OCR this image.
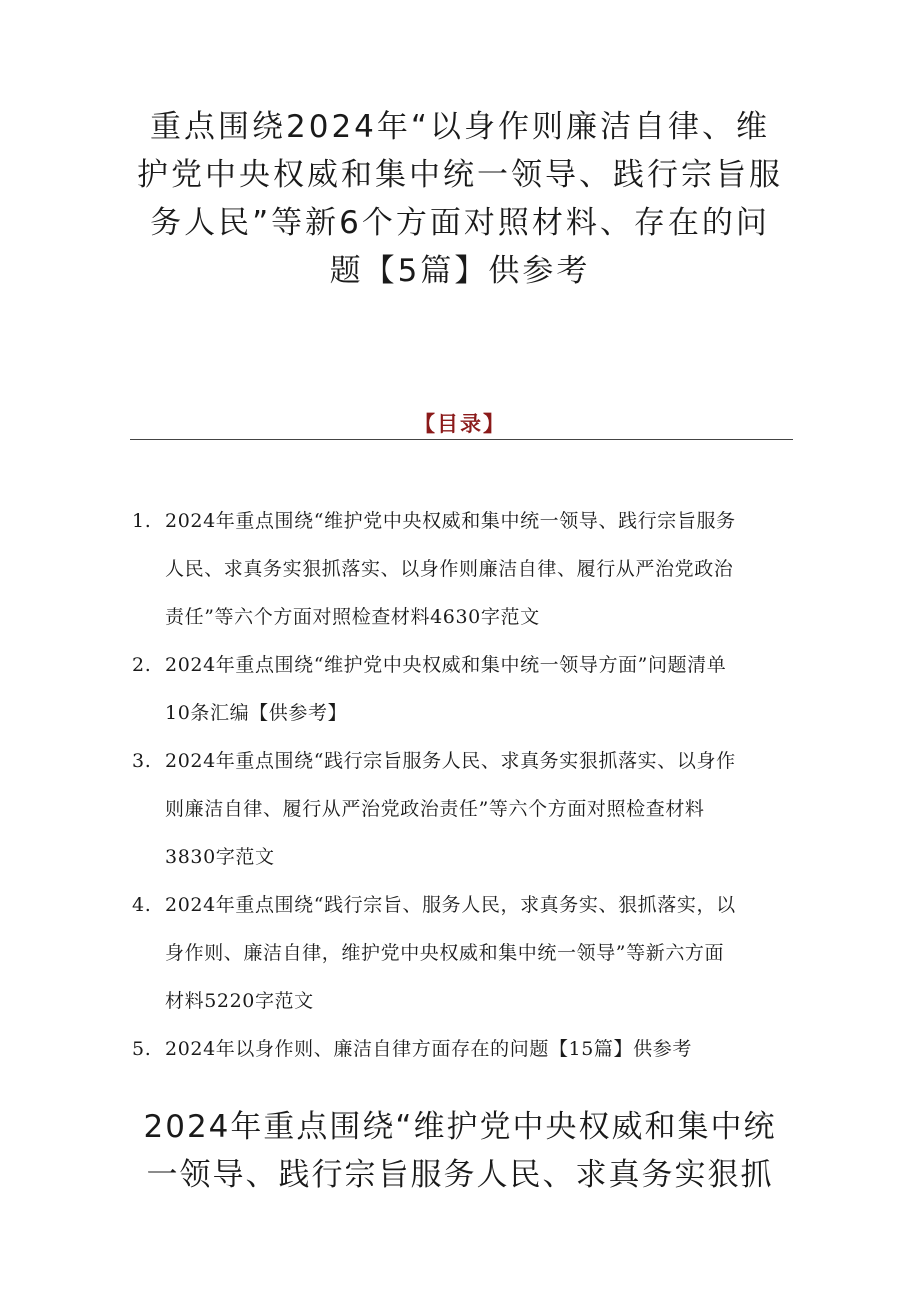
重点围绕2024年“以身作则廉洁自律、维
护党中央权威和集中统一领导、践行宗旨服
务人民”等新6个方面对照材料、存在的问
题【5篇】供参考
【目录】
1. 2024年重点围绕“维护党中央权威和集中统一领导、践行宗旨服务
人民、求真务实狠抓落实、以身作则廉洁自律、履行从严治党政治
责任”等六个方面对照检查材料4630字范文
2. 2024年重点围绕“维护党中央权威和集中统一领导方面”问题清单
10条汇编【供参考】
3. 2024年重点围绕“践行宗旨服务人民、求真务实狠抓落实、以身作
则廉洁自律、履行从严治党政治责任”等六个方面对照检查材料
3830字范文
4. 2024年重点围绕“践行宗旨、服务人民，求真务实、狠抓落实，以
身作则、廉洁自律，维护党中央权威和集中统一领导”等新六方面
材料5220字范文
5. 2024年以身作则、廉洁自律方面存在的问题【15篇】供参考
2024年重点围绕“维护党中央权威和集中统
一领导、践行宗旨服务人民、求真务实狠抓
